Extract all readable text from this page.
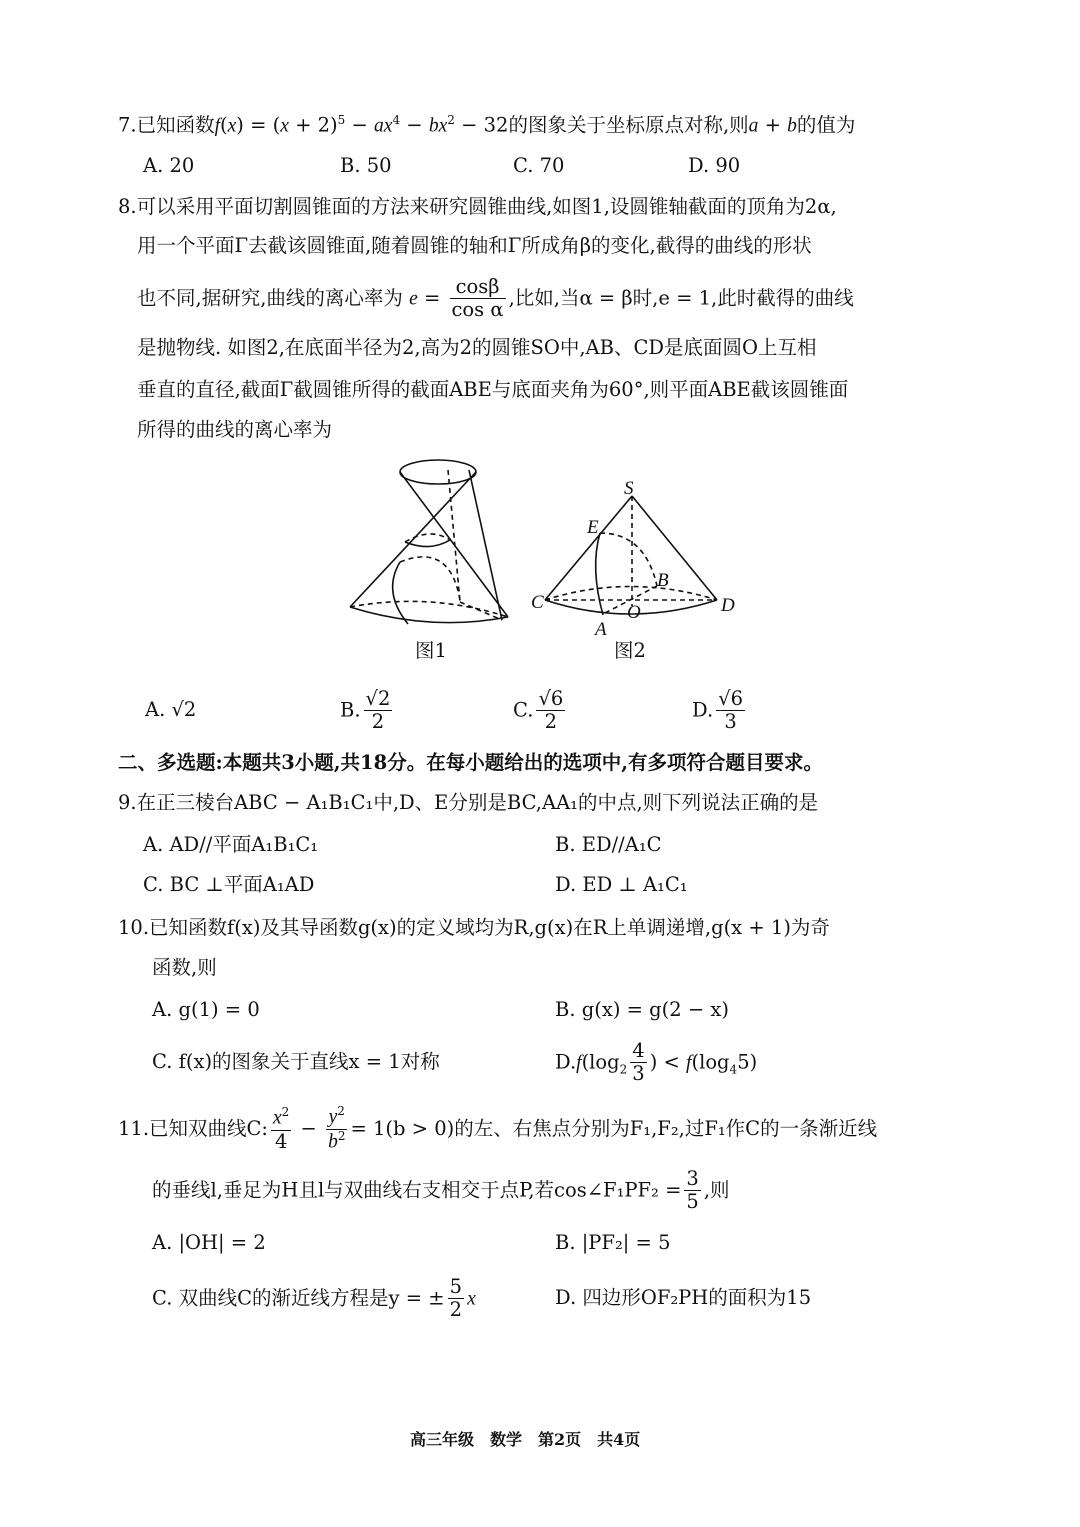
7.已知函数$f(x) = (x + 2)^5 - ax^4 - bx^2 - 32$的图象关于坐标原点对称,则a + b的值为
A. 20	B. 50	C. 70	D. 90
8.可以采用平面切割圆锥面的方法来研究圆锥曲线,如图1,设圆锥轴截面的顶角为2α,
用一个平面Γ去截该圆锥面,随着圆锥的轴和Γ所成角β的变化,截得的曲线的形状
也不同,据研究,曲线的离心率为 $e = \frac{\cos\beta}{\text{cos α}}$ ,比如,当α = β时,e = 1,此时截得的曲线
是抛物线. 如图2,在底面半径为2,高为2的圆锥SO中,AB、CD是底面圆O上互相
垂直的直径,截面Γ截圆锥所得的截面ABE与底面夹角为60°,则平面ABE截该圆锥面
所得的曲线的离心率为
图1
S
E
B
C	O	D
A
图2
A. √2	B. $\frac{√2}{2}$	C. $\frac{√6}{2}$	D. $\frac{√6}{3}$
二、多选题:本题共3小题,共18分。在每小题给出的选项中,有多项符合题目要求。
9.在正三棱台ABC − A₁B₁C₁中,D、E分别是BC,AA₁的中点,则下列说法正确的是
A. AD//平面A₁B₁C₁	B. ED//A₁C
C. BC ⊥平面A₁AD	D. ED ⊥ A₁C₁
10.已知函数f(x)及其导函数g(x)的定义域均为R,g(x)在R上单调递增,g(x + 1)为奇
函数,则
A. g(1) = 0	B. g(x) = g(2 − x)
C. f(x)的图象关于直线x = 1对称	$D.f(\log_2 \frac{4}{3}$ ) < $f(\log_45)$
11.已知双曲线C: $\frac{x^2}{4} - \frac{y^2}{b^2} = 1(b > 0)$的左、右焦点分别为F₁,F₂,过F₁作C的一条渐近线
的垂线l,垂足为H且l与双曲线右支相交于点P,若cos∠F₁PF₂ = $\frac{3}{5}$ ,则
A. |OH| = 2	B. |PF₂| = 5
C. 双曲线C的渐近线方程是y = ± $\frac{5}{2}$ x	D. 四边形OF₂PH的面积为15
高三年级　数学　第2页　共4页
